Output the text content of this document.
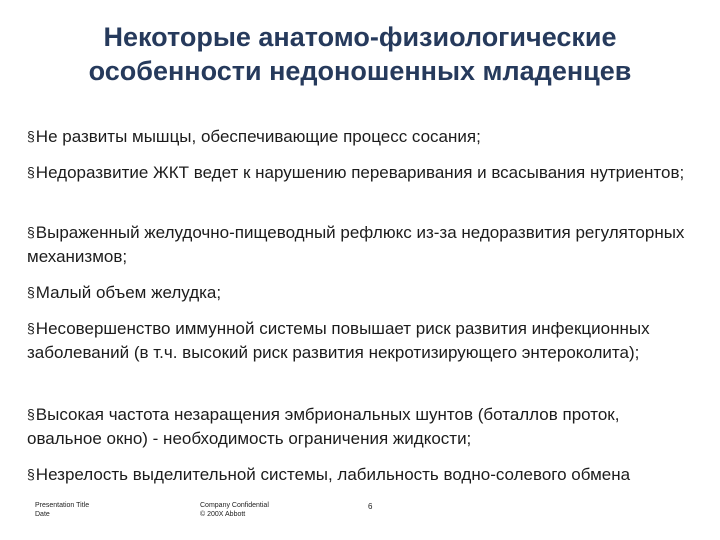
Некоторые анатомо-физиологические
особенности недоношенных младенцев
§Не развиты мышцы, обеспечивающие процесс сосания;
§Недоразвитие ЖКТ ведет к нарушению переваривания и всасывания нутриентов;
§Выраженный желудочно-пищеводный рефлюкс из-за недоразвития регуляторных механизмов;
§Малый объем желудка;
§Несовершенство иммунной системы повышает риск развития инфекционных заболеваний (в т.ч. высокий риск развития некротизирующего энтероколита);
§Высокая частота незаращения эмбриональных шунтов (боталлов проток, овальное окно) - необходимость ограничения жидкости;
§Незрелость выделительной системы, лабильность водно-солевого обмена
Presentation Title
Date
Company Confidential
© 200X Abbott
6
